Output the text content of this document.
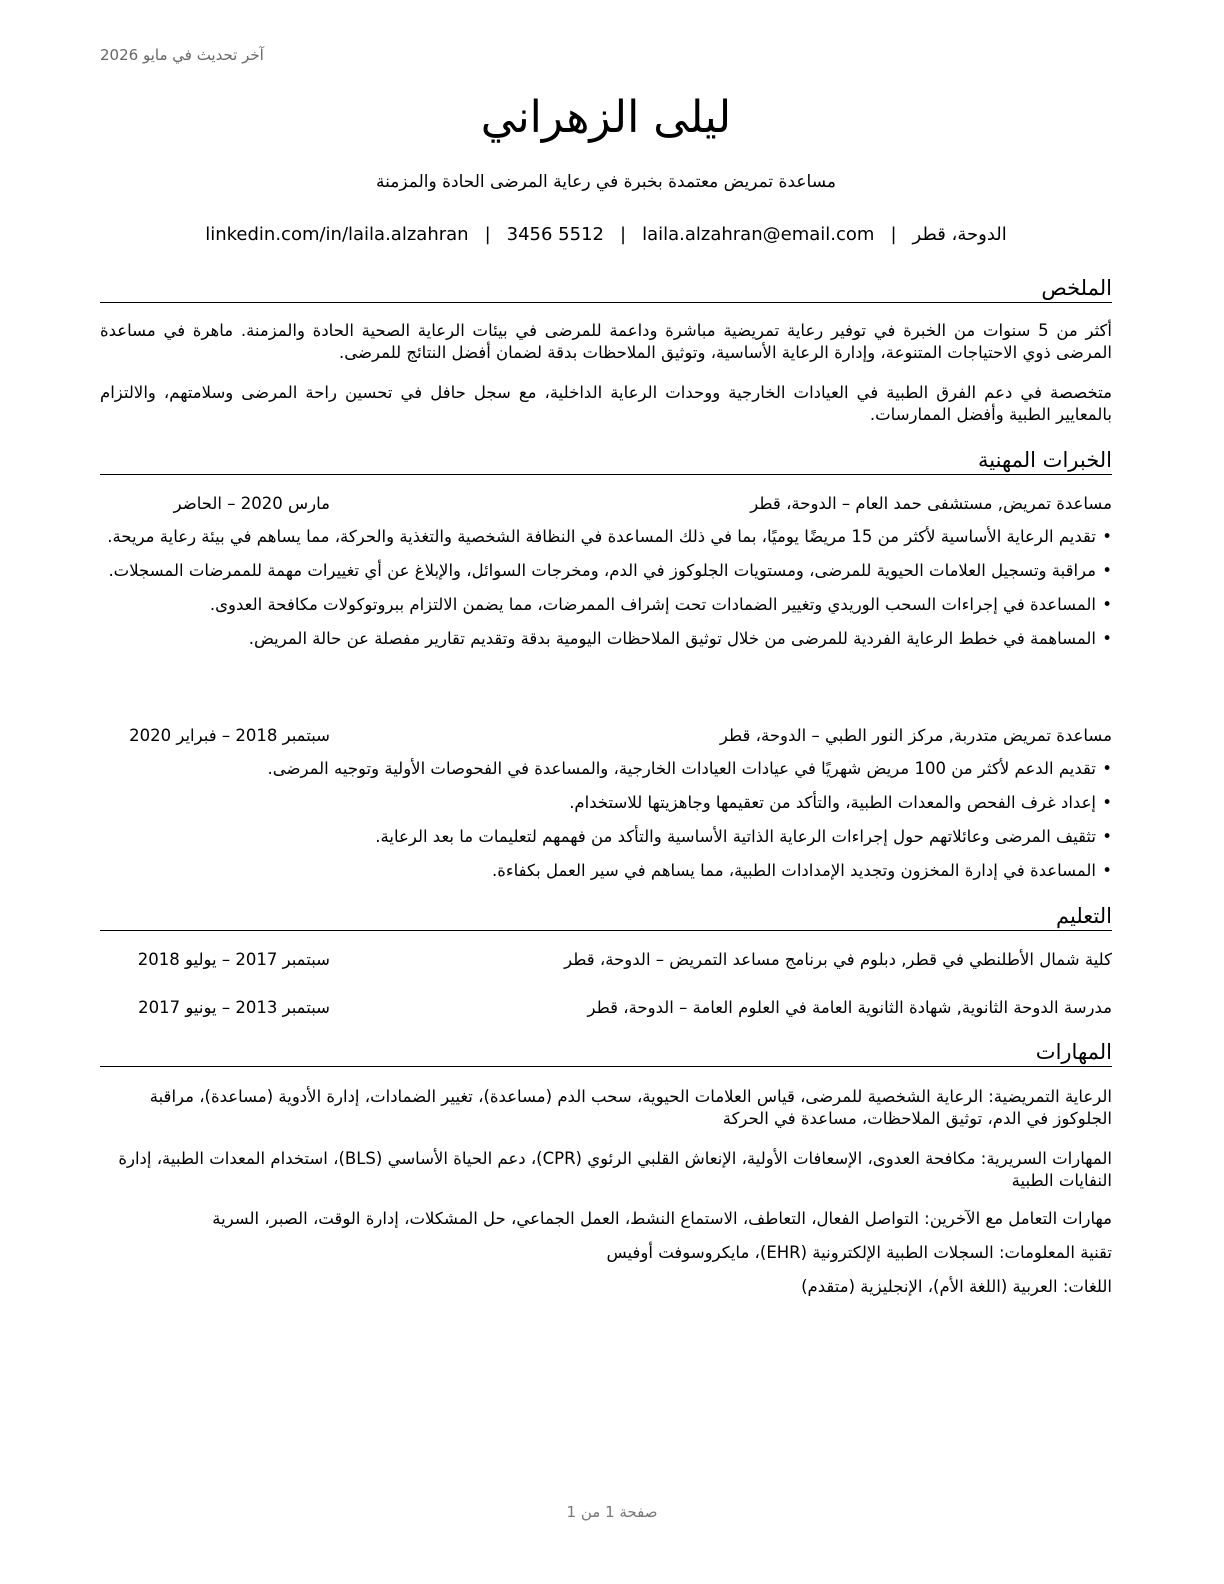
آخر تحديث في مايو 2026
ليلى الزهراني
مساعدة تمريض معتمدة بخبرة في رعاية المرضى الحادة والمزمنة
الدوحة، قطر|laila.alzahran@email.com|3456 5512|linkedin.com/in/laila.alzahran
الملخص
أكثر من 5 سنوات من الخبرة في توفير رعاية تمريضية مباشرة وداعمة للمرضى في بيئات الرعاية الصحية الحادة والمزمنة. ماهرة في مساعدة المرضى ذوي الاحتياجات المتنوعة، وإدارة الرعاية الأساسية، وتوثيق الملاحظات بدقة لضمان أفضل النتائج للمرضى.
متخصصة في دعم الفرق الطبية في العيادات الخارجية ووحدات الرعاية الداخلية، مع سجل حافل في تحسين راحة المرضى وسلامتهم، والالتزام بالمعايير الطبية وأفضل الممارسات.
الخبرات المهنية
مساعدة تمريض, مستشفى حمد العام – الدوحة، قطر
مارس 2020 – الحاضر
• تقديم الرعاية الأساسية لأكثر من 15 مريضًا يوميًا، بما في ذلك المساعدة في النظافة الشخصية والتغذية والحركة، مما يساهم في بيئة رعاية مريحة.
• مراقبة وتسجيل العلامات الحيوية للمرضى، ومستويات الجلوكوز في الدم، ومخرجات السوائل، والإبلاغ عن أي تغييرات مهمة للممرضات المسجلات.
• المساعدة في إجراءات السحب الوريدي وتغيير الضمادات تحت إشراف الممرضات، مما يضمن الالتزام ببروتوكولات مكافحة العدوى.
• المساهمة في خطط الرعاية الفردية للمرضى من خلال توثيق الملاحظات اليومية بدقة وتقديم تقارير مفصلة عن حالة المريض.
مساعدة تمريض متدربة, مركز النور الطبي – الدوحة، قطر
سبتمبر 2018 – فبراير 2020
• تقديم الدعم لأكثر من 100 مريض شهريًا في عيادات العيادات الخارجية، والمساعدة في الفحوصات الأولية وتوجيه المرضى.
• إعداد غرف الفحص والمعدات الطبية، والتأكد من تعقيمها وجاهزيتها للاستخدام.
• تثقيف المرضى وعائلاتهم حول إجراءات الرعاية الذاتية الأساسية والتأكد من فهمهم لتعليمات ما بعد الرعاية.
• المساعدة في إدارة المخزون وتجديد الإمدادات الطبية، مما يساهم في سير العمل بكفاءة.
التعليم
كلية شمال الأطلنطي في قطر, دبلوم في برنامج مساعد التمريض – الدوحة، قطر
سبتمبر 2017 – يوليو 2018
مدرسة الدوحة الثانوية, شهادة الثانوية العامة في العلوم العامة – الدوحة، قطر
سبتمبر 2013 – يونيو 2017
المهارات
الرعاية التمريضية: الرعاية الشخصية للمرضى، قياس العلامات الحيوية، سحب الدم (مساعدة)، تغيير الضمادات، إدارة الأدوية (مساعدة)، مراقبة الجلوكوز في الدم، توثيق الملاحظات، مساعدة في الحركة
المهارات السريرية: مكافحة العدوى، الإسعافات الأولية، الإنعاش القلبي الرئوي (CPR)، دعم الحياة الأساسي (BLS)، استخدام المعدات الطبية، إدارة النفايات الطبية
مهارات التعامل مع الآخرين: التواصل الفعال، التعاطف، الاستماع النشط، العمل الجماعي، حل المشكلات، إدارة الوقت، الصبر، السرية
تقنية المعلومات: السجلات الطبية الإلكترونية (EHR)، مايكروسوفت أوفيس
اللغات: العربية (اللغة الأم)، الإنجليزية (متقدم)
صفحة 1 من 1
